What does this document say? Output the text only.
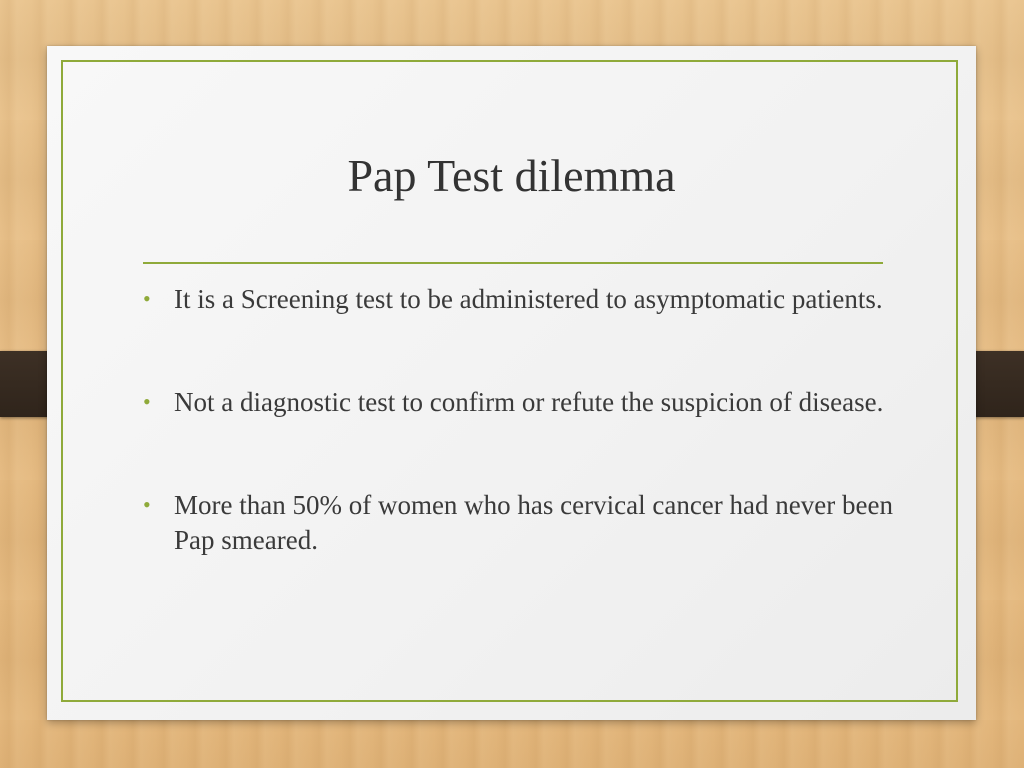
Pap Test dilemma
• It is a Screening test to be administered to asymptomatic patients.
• Not a diagnostic test to confirm or refute the suspicion of disease.
• More than 50% of women who has cervical cancer had never been Pap smeared.
